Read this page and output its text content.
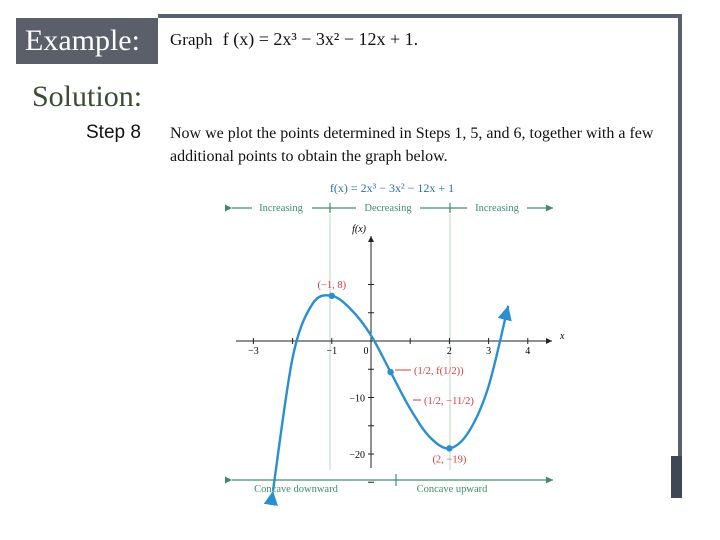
Example:	Graph f (x) = 2x³ − 3x² − 12x + 1.
Solution:
Step 8 Now we plot the points determined in Steps 1, 5, and 6, together with a few additional points to obtain the graph below.
f(x) = 2x³ − 3x² − 12x + 1
Increasing	Decreasing	Increasing
f(x)
x
−3	−1	0	2	3	4
−10
−20
(−1, 8)
(2, −19)
(1/2, f(1/2))
(1/2, −11/2)
Concave downward	Concave upward
